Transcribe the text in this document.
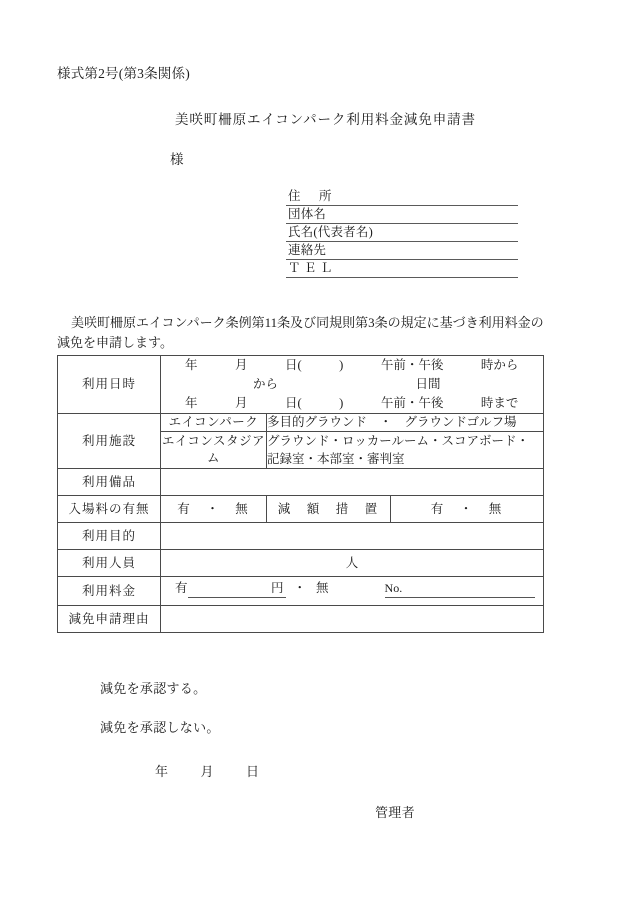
様式第2号(第3条関係)
美咲町柵原エイコンパーク利用料金減免申請書
様
住　所
団体名
氏名(代表者名)
連絡先
Ｔ Ｅ Ｌ
美咲町柵原エイコンパーク条例第11条及び同規則第3条の規定に基づき利用料金の減免を申請します。
利用日時	年　　　月　　　日(　　　)　　　午前・午後　　　時から
から　　　　　　　　　　　日間
年　　　月　　　日(　　　)　　　午前・午後　　　時まで		

利用施設	エイコンパーク	多目的グラウンド　・　グラウンドゴルフ場	
	エイコンスタジアム	グラウンド・ロッカールーム・スコアボード・
記録室・本部室・審判室	

利用備品			
入場料の有無	有　・　無	減　額　措　置	有　・　無
利用目的			
利用人員	人		
利用料金	有 円 ・ 無 No.		

減免申請理由			
減免を承認する。
減免を承認しない。
年	月	日
管理者
